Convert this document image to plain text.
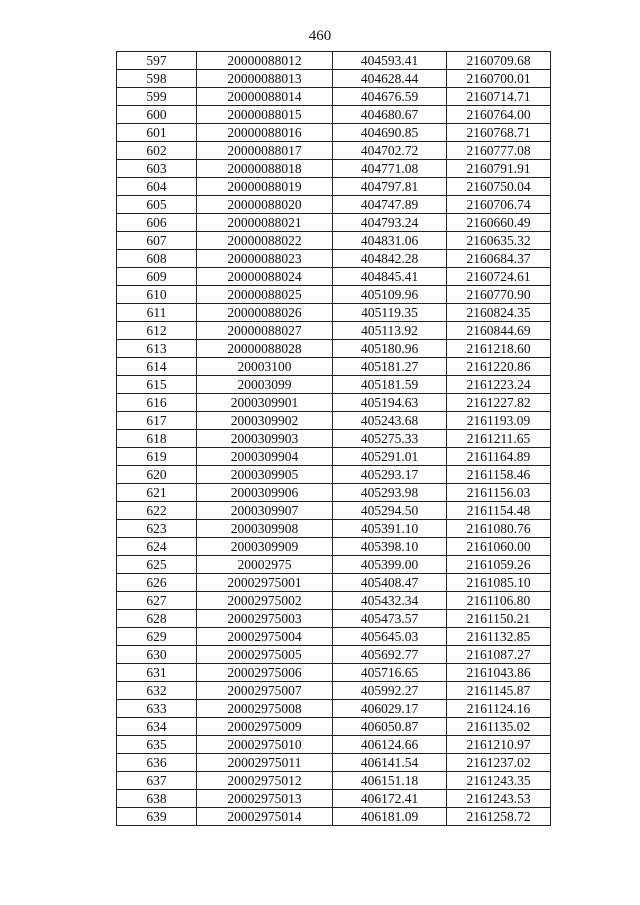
460
597	20000088012	404593.41	2160709.68
598	20000088013	404628.44	2160700.01
599	20000088014	404676.59	2160714.71
600	20000088015	404680.67	2160764.00
601	20000088016	404690.85	2160768.71
602	20000088017	404702.72	2160777.08
603	20000088018	404771.08	2160791.91
604	20000088019	404797.81	2160750.04
605	20000088020	404747.89	2160706.74
606	20000088021	404793.24	2160660.49
607	20000088022	404831.06	2160635.32
608	20000088023	404842.28	2160684.37
609	20000088024	404845.41	2160724.61
610	20000088025	405109.96	2160770.90
611	20000088026	405119.35	2160824.35
612	20000088027	405113.92	2160844.69
613	20000088028	405180.96	2161218.60
614	20003100	405181.27	2161220.86
615	20003099	405181.59	2161223.24
616	2000309901	405194.63	2161227.82
617	2000309902	405243.68	2161193.09
618	2000309903	405275.33	2161211.65
619	2000309904	405291.01	2161164.89
620	2000309905	405293.17	2161158.46
621	2000309906	405293.98	2161156.03
622	2000309907	405294.50	2161154.48
623	2000309908	405391.10	2161080.76
624	2000309909	405398.10	2161060.00
625	20002975	405399.00	2161059.26
626	20002975001	405408.47	2161085.10
627	20002975002	405432.34	2161106.80
628	20002975003	405473.57	2161150.21
629	20002975004	405645.03	2161132.85
630	20002975005	405692.77	2161087.27
631	20002975006	405716.65	2161043.86
632	20002975007	405992.27	2161145.87
633	20002975008	406029.17	2161124.16
634	20002975009	406050.87	2161135.02
635	20002975010	406124.66	2161210.97
636	20002975011	406141.54	2161237.02
637	20002975012	406151.18	2161243.35
638	20002975013	406172.41	2161243.53
639	20002975014	406181.09	2161258.72
